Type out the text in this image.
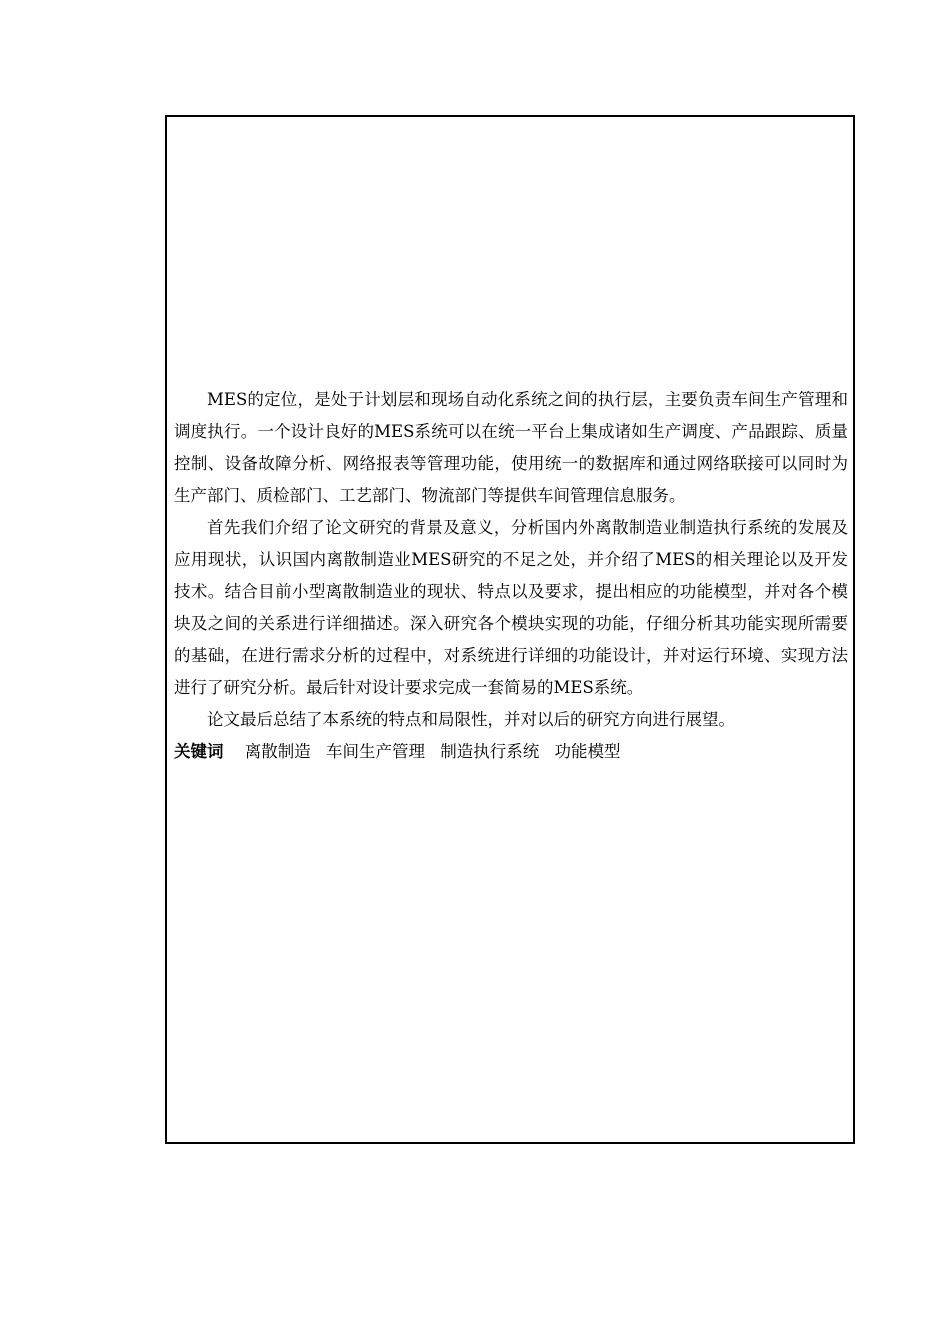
MES的定位，是处于计划层和现场自动化系统之间的执行层，主要负责车间生产管理和调度执行。一个设计良好的MES系统可以在统一平台上集成诸如生产调度、产品跟踪、质量控制、设备故障分析、网络报表等管理功能，使用统一的数据库和通过网络联接可以同时为生产部门、质检部门、工艺部门、物流部门等提供车间管理信息服务。

首先我们介绍了论文研究的背景及意义，分析国内外离散制造业制造执行系统的发展及应用现状，认识国内离散制造业MES研究的不足之处，并介绍了MES的相关理论以及开发技术。结合目前小型离散制造业的现状、特点以及要求，提出相应的功能模型，并对各个模块及之间的关系进行详细描述。深入研究各个模块实现的功能，仔细分析其功能实现所需要的基础，在进行需求分析的过程中，对系统进行详细的功能设计，并对运行环境、实现方法进行了研究分析。最后针对设计要求完成一套简易的MES系统。

论文最后总结了本系统的特点和局限性，并对以后的研究方向进行展望。

关键词 离散制造 车间生产管理 制造执行系统 功能模型
